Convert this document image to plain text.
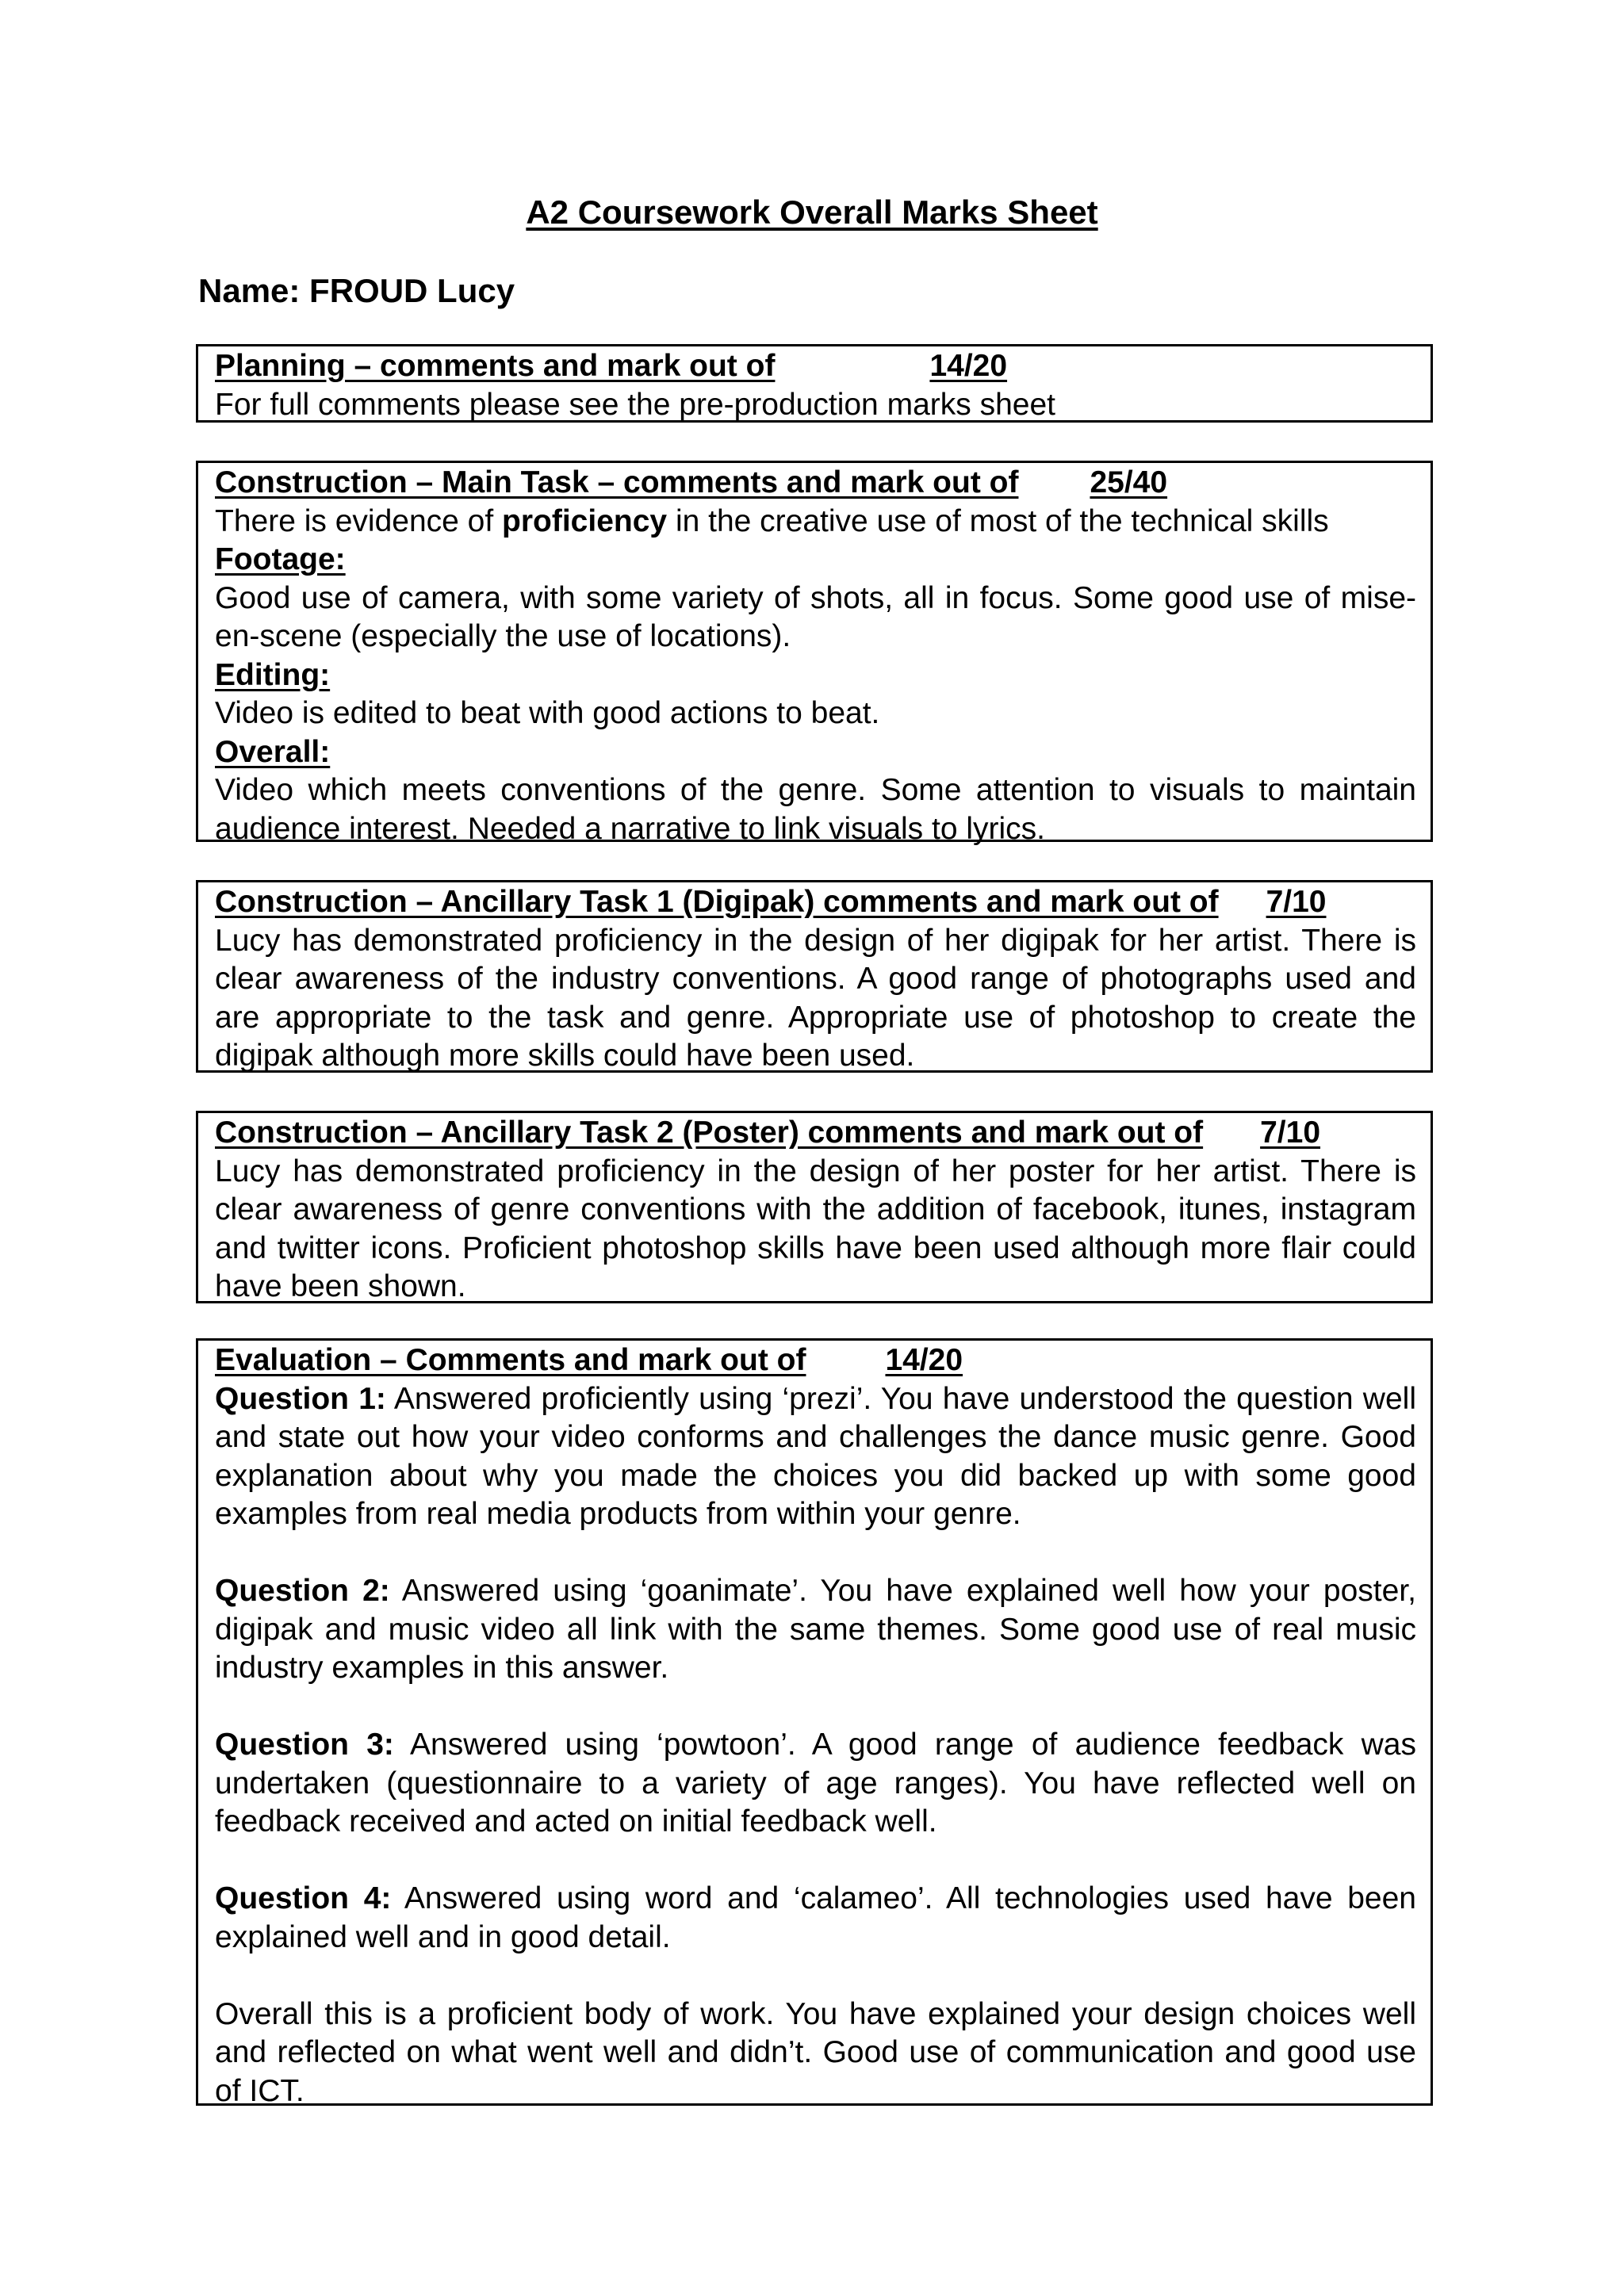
A2 Coursework Overall Marks Sheet
Name: FROUD Lucy
Planning – comments and mark out of	14/20

For full comments please see the pre-production marks sheet

Construction – Main Task – comments and mark out of 25/40

There is evidence of proficiency in the creative use of most of the technical skills

Footage:

Good use of camera, with some variety of shots, all in focus. Some good use of mise-en-scene (especially the use of locations).

Editing:

Video is edited to beat with good actions to beat.

Overall:

Video which meets conventions of the genre. Some attention to visuals to maintain audience interest. Needed a narrative to link visuals to lyrics.

Construction – Ancillary Task 1 (Digipak) comments and mark out of 7/10

Lucy has demonstrated proficiency in the design of her digipak for her artist. There is clear awareness of the industry conventions. A good range of photographs used and are appropriate to the task and genre. Appropriate use of photoshop to create the digipak although more skills could have been used.

Construction – Ancillary Task 2 (Poster) comments and mark out of 7/10

Lucy has demonstrated proficiency in the design of her poster for her artist. There is clear awareness of genre conventions with the addition of facebook, itunes, instagram and twitter icons. Proficient photoshop skills have been used although more flair could have been shown.

Evaluation – Comments and mark out of	14/20

Question 1: Answered proficiently using ‘prezi’. You have understood the question well and state out how your video conforms and challenges the dance music genre. Good explanation about why you made the choices you did backed up with some good examples from real media products from within your genre.

Question 2: Answered using ‘goanimate’. You have explained well how your poster, digipak and music video all link with the same themes. Some good use of real music industry examples in this answer.

Question 3: Answered using ‘powtoon’. A good range of audience feedback was undertaken (questionnaire to a variety of age ranges). You have reflected well on feedback received and acted on initial feedback well.

Question 4: Answered using word and ‘calameo’. All technologies used have been explained well and in good detail.

Overall this is a proficient body of work. You have explained your design choices well and reflected on what went well and didn’t. Good use of communication and good use of ICT.
